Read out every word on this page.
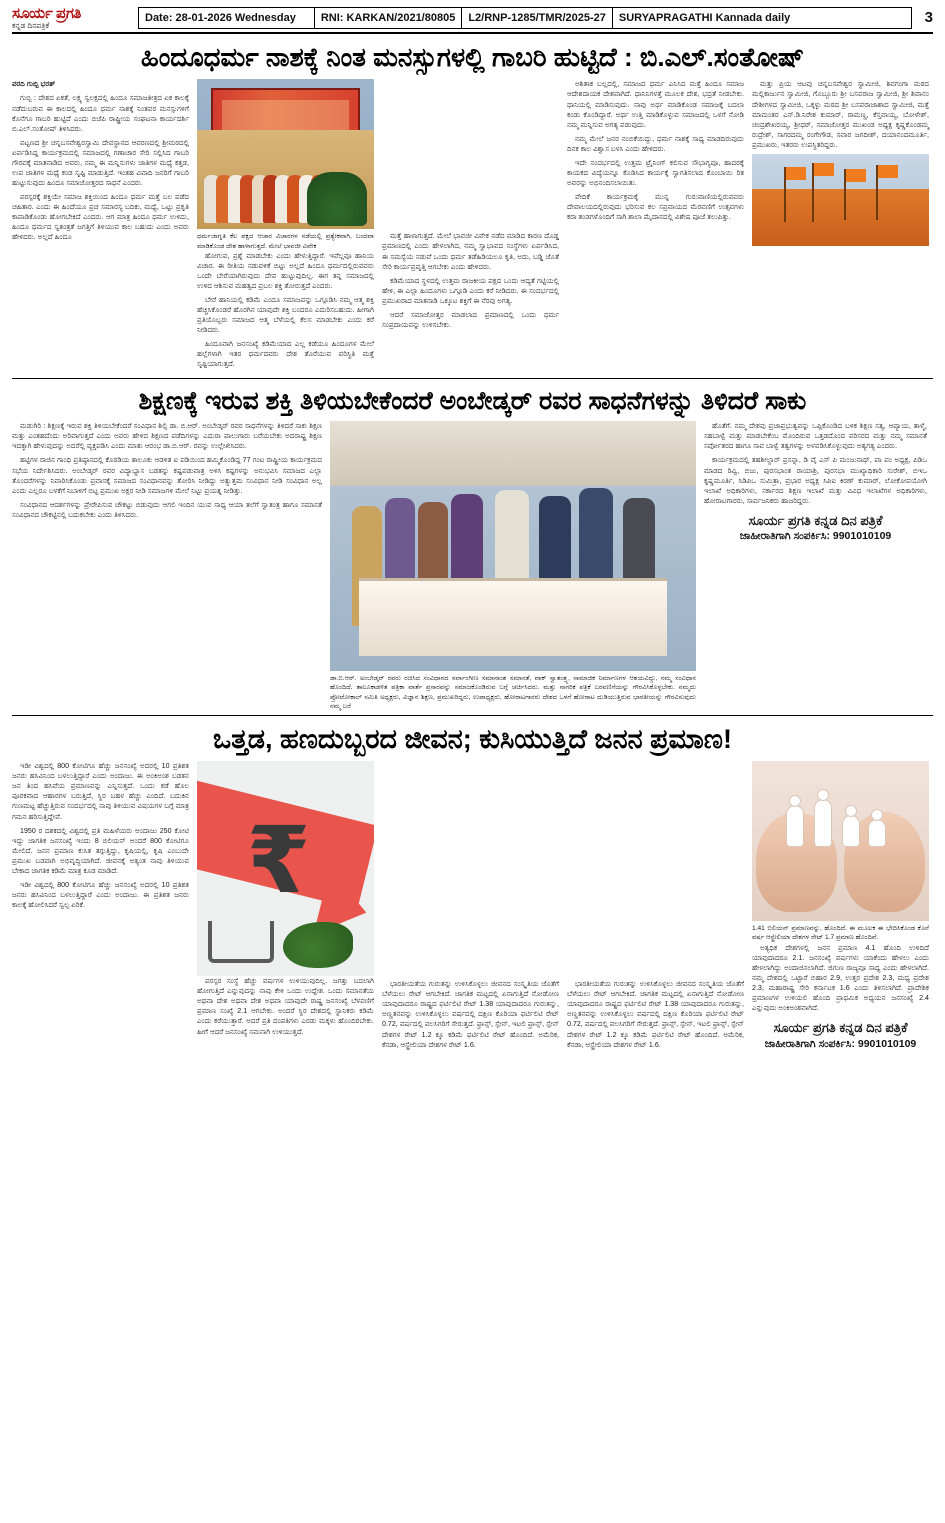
ಸೂರ್ಯ ಪ್ರಗತಿ
ಕನ್ನಡ ದಿನಪತ್ರಿಕೆ
Date: 28-01-2026 Wednesday	RNI: KARKAN/2021/80805	L2/RNP-1285/TMR/2025-27	SURYAPRAGATHI Kannada daily	3
ಹಿಂದೂಧರ್ಮ ನಾಶಕ್ಕೆ ನಿಂತ ಮನಸ್ಸುಗಳಲ್ಲಿ ಗಾಬರಿ ಹುಟ್ಟಿದೆ : ಬಿ.ಎಲ್.ಸಂತೋಷ್

ವರದಿ ಗುಬ್ಬಿ ಭರತ್

ಗುಬ್ಬಿ : ದೇಶದ ಏಕತೆ, ಲಕ್ಷ್ಯ ಸ್ವಲಕ್ಷದಲ್ಲಿ ಹಿಂದೂ ಸಮಾಜತೀತ್ರದ ಏಕ ಕಾಲಕ್ಕೆ ನಡೆದುಬರುವ ಈ ಕಾಲದಲ್ಲಿ ಹಿಂದೂ ಧರ್ಮ ನಾಶಕ್ಕೆ ನಿಂತವರ ಮನಸ್ಸುಗಳಿಗೆ ಕೊನೆಗೂ ಗಾಬರಿ ಹುಟ್ಟಿದೆ ಎಂದು ಬಿಜೆಪಿ ರಾಷ್ಟ್ರೀಯ ಸಂಘಟನಾ ಕಾರ್ಯದರ್ಶಿ ಬಿ.ಎಲ್.ಸಂತೋಷ್ ತಿಳಿಸಿದರು.

ಪಟ್ಟಣದ ಶ್ರೀ ಚನ್ನಬಸವೇಶ್ವರಸ್ವಾಮಿ ದೇವಸ್ಥಾನದ ಆವರಣದಲ್ಲಿ ಶ್ರೀಮಠದಲ್ಲಿ ಏರ್ಪಡಿಸಿದ್ದ ಕಾರ್ಯಕ್ರಮದಲ್ಲಿ ಸಮಾಜದಲ್ಲಿ ಗಣಾಚಾರ ಸೇರಿ ಸಲ್ಲಿಸಿದ ಗಾಬರಿ ಗೌರವಕ್ಕೆ ಮಾತನಾಡಿದ ಅವರು, ನಮ್ಮ ಈ ಮನ್ನಿಸುಗಳು ಜಾತಿಗಳ ಮಧ್ಯೆ ಕತ್ತಡ, ಉಪ ಜಾತಿಗಳ ಮಧ್ಯೆ ಕಂಡ ಸೃಷ್ಟಿ ಮಾಡುತ್ತಿದೆ. ಇಂತಹ ವಿವಾದಿ ಜನರಿಗೆ ಗಾಬರಿ ಹುಟ್ಟುಸುವುದು ಹಿಂದೂ ಸಮಾಜೋತ್ತರದ ಸಾಧನೆ ಎಂದರು.

ಪರಸ್ಪರಕ್ಕೆ ಶಕ್ತಿಯೇ ಸಮಾಜ ಶಕ್ತಿಯಿಂದ ಹಿಂದೂ ಧರ್ಮ ಮತ್ತೆ ಬಲ ಪಡೆದ ಚಹಿತಾರ. ಎಂದು ಈ ಹಿಂದೆಯೂ ಪ್ರಚ ಸಮಾರಸ್ಯ ಬದಿಕು, ಮಧ್ಯೆ, ಒಟ್ಟು ಪ್ರಕೃತಿ ಕಾಪಾಡಿಕೊಂಡು ಹೋಗಬೇಕಿದೆ ಎಂದರು. ಆಗ ಮಾತ್ರ ಹಿಂದೂ ಧರ್ಮ ಉಳಿದು, ಹಿಂದೂ ಧರ್ಮದ ಸ್ವತಂತ್ರತೆ ಜಗತ್ತಿಗೆ ತಿಳಿಯುವ ಕಾಲ ಬಹುದು ಎಂದು ಅವರು ಹೇಳಿದರು. ಅಲ್ಲದೆ ಹಿಂದೂ	ಧರ್ಮಜಾಗೃತಿ ಕೆಲ ಪಕ್ಷದ ಆಚಾರ ವಿಚಾರಗಳ ನಡೆಯಲ್ಲಿ ಪ್ರತ್ಯೇಕವಾಗಿ, ಬಂದವಾ ಮಾಡಿಕೊಂಡ ದೇಶ ಹಾಳಾಗುತ್ತದೆ. ಮೇಲೆ ಭಾವಜೀ ವಿವೇಕ

ಹೋಗುವ, ಪ್ರಶ್ನೆ ಮಾಡಬೇಕು ಎಂದು ಹೇಳುತ್ತಿದ್ದಾರೆ. ಇವೆಲ್ಲವೂ ಹಾನಿಯ ವಿಚಾರ. ಈ ರೀತಿಯ ನಡುವಳಿಕೆ ಬಿಟ್ಟು ಅಲ್ಲದೆ ಹಿಂದೂ ಧರ್ಮದಲ್ಲಿರುವವರು ಒಂದೇ ಬೇರೆಯಾಗಿರುವುದು ದೇವ ಹುಟ್ಟುವುದಿಲ್ಲ. ಈಗ ತನ್ನ ಸಮಾಜದಲ್ಲಿ ಉಳಿದ ಆಶಿಸುವ ಮಹತ್ವದ ಪ್ರಬಲ ಶಕ್ತಿ ತೋರುತ್ತದೆ ಎಂದರು.

ಬೇರೆ ಹಾನಿಯಲ್ಲಿ ಕಡಿಮೆ ಎಂದೂ ಸಮಾಜವನ್ನು ಒಗ್ಗೂಡಿಸಿ ನಮ್ಮ ಆತ್ಮ ಶಕ್ತಿ ಹೆಚ್ಚಿಸಿಕೊಂಡರೆ ಹೊರಗಿನ ಯಾವುದೇ ಶಕ್ತಿ ಬಂದರೂ ಎದುರಿಸಬಹುದು. ಹೀಗಾಗಿ ಪ್ರತಿಯೊಬ್ಬರು ಸಮಾಜದ ಆತ್ಮ ಬೆಳೆಯಲ್ಲಿ ಕೆಲಸ ಮಾಡಬೇಕು ಎಂದು ಕರೆ ನೀಡಿದರು.

ಹಿಂದೂವಾಗಿ ಜನಸಂಖ್ಯೆ ಕಡಿಮೆಯಾದ ಎಲ್ಲ ಕಡೆಯೂ ಹಿಂದೂಗಳ ಮೇಲೆ ಹಲ್ಲೆಗಳಾಗಿ ಇತರ ಧರ್ಮದವರು ದೇಶ ತೊರೆಯುವ ಪರಿಸ್ಥಿತಿ ಮತ್ತೆ ಸೃಷ್ಟಿಯಾಗುತ್ತದೆ.

ಮತ್ತೆ ಹಾಳಾಗುತ್ತದೆ. ಮೇಲೆ ಭಾವಜೀ ವಿವೇಕ ನಡೆದ ಮಾಡಿದ ಕಾರಣ ದೊಡ್ಡ ಪ್ರಮಾಣದಲ್ಲಿ ಎಂದು ಹೇಳಲಾಗಿದ, ನಮ್ಮ ಸ್ವಾಭಾವದ ಸಂಸ್ಥೆಗಳು ಏರ್ಪಡಿಸಿದ, ಈ ಸಮಸ್ಯೆಯ ನಡುವೆ ಒಂದು ಧರ್ಮ ತಡೆಹಿಡಿಯಲೂ ಕೃತಿ, ಅದು, ಬಡ್ಡಿ ಜೊತೆ ಸೇರಿ ಕಾರ್ಯಪ್ರವೃತ್ತಿ ಆಗಬೇಕು ಎಂದು ಹೇಳಿದರು.

ಕಡಿಮೆಯಾದ ಸ್ಥಳದಲ್ಲಿ ಉತ್ತಮ ರಾಜಕೀಯ ಪಕ್ಷದ ಒಂದು ಆದ್ಯತೆ ಗಟ್ಟಿಯಲ್ಲಿ ಹೇಳಿ, ಈ ಎಲ್ಲಾ ಹಿಂದೂಗಳು ಒಗ್ಗೂಡಿ ಎಂದು ಕರೆ ನೀಡಿದರು. ಈ ಸಂದರ್ಭದಲ್ಲಿ ಪ್ರಮುಖರಾದ ಮಾತನಾಡಿ ಒಕ್ಕೂಟ ಶಕ್ತಿಗೆ ಈ ನೆರವು ಅಗತ್ಯ.

ಆದರೆ ಸಮಾಜೋತ್ತರ ಮಾಡಲಾದ ಪ್ರಮಾಣದಲ್ಲಿ ಒಂದು ಧರ್ಮ ಸಂಪ್ರದಾಯವನ್ನು ಉಳಿಸಬೇಕು.

ಅಶಿತಾಕ ಬಲ್ಲದಲ್ಲಿ, ಸಮಾಜದ ಧರ್ಮ ಎನಿಸಿದ ಮತ್ತೆ ಹಿಂದೂ ಸಮಾಜ ಆದೇಶದಾಯಕ ದೇಶವಾಗಿದೆ. ಧಾನಿನಿಗಳತ್ತೆ ಮೂಲಕ ದೇಶ, ಭದ್ರತೆ ನೀಡಬೇಕು. ಧಾನಿಯಲ್ಲಿ ಮಾಡಿಸುವುದು. ನಾವು ಅರ್ಥ ಮಾಡಿಕೊಂಡ ಸಮಾಜಕ್ಕೆ ಬದಲಾ ಕಂಡು ಕೊಂಡಿದ್ದಾರೆ. ಅರ್ಥ ಉತ್ತಿ ಮಾಡಿಕೊಳ್ಳುವ ಸಮಾಜದಲ್ಲಿ ಒಳಗೆ ನೋಡಿ ನಮ್ಮ ಮನ್ನಿಸುವ ಅಗತ್ಯ ಪಡುವುದು.

ನಮ್ಮ ಮೇಲೆ ಜನರ ನಂಬಿಕೆಯಿದ್ದು, ಧರ್ಮ ನಾಶಕ್ಕೆ ಸಾಧ್ಯ ಮಾಡದಿರುವುದು ದಿನಕ ಕಾಲ ವಿಶ್ವಾಸ ಬಳಸಿ ಎಂದು ಹೇಳಿದರು.

ಇದೇ ಸಂದರ್ಭದಲ್ಲಿ ಉತ್ತಮ ಟ್ರೈನಿಂಗ್ ಕಲಿಸುವ ಸೌಭಾಗ್ಯವೂ, ಹಾದರಕ್ಕೆ ಕಾಯಕದ ವಿದ್ಯೆಯನ್ನೂ ಕೊಡಿಸಿದ ಕಾರ್ಯಕ್ಕೆ ಸ್ವಾಗತಿಸಲಾದ ಕೊಂಬಾಯಿ ರಿತ ಅವರನ್ನು ಅಭಿನಂದಿಸಲಾಯಿತು.

ವೇದಿಕೆ ಕಾರ್ಯಕ್ರಮಕ್ಕೆ ಮುನ್ನ ಗುರುವಾಣಿಯಲ್ಲಿರುವವರು ದೇವಾಲಯದಲ್ಲಿರುವುದು ಭರಿಸುವ ಕಲ ಸಪ್ರವಾಯದ ಮೆರವಣಿಗೆ ಉತ್ಸವಗಳು ಕರಾ ತಂಡಗಳೊಂದಿಗೆ ಸಾಗಿ ಶಾಲಾ ಮೈದಾನದಲ್ಲಿ ವಿಶೇಷ ಪೂಜೆ ತಲುಪಿತ್ತು.

ಮತ್ತು ಪ್ರಿಯ ಆಟವು ಚನ್ನಬಸವೇಶ್ವರ ಸ್ವಾಮೀಜಿ, ಶಿವಗಂಗಾ ಮಠದ ಮಲ್ಲಿಕಾರ್ಜುನ ಸ್ವಾಮೀಜಿ, ಗೊಬ್ಬೂರು ಶ್ರೀ ಬಸವರಾಜ ಸ್ವಾಮೀಜಿ, ಶ್ರೀ ಶಿವಾನಂ ದೇಶೀಗಳದ ಸ್ವಾಮೀಜಿ, ಒಕ್ಕಳ್ಳು ಮಠದ ಶ್ರೀ ಬಸವರಾಜಾಶಾದ ಸ್ವಾಮೀಜಿ, ಮತ್ತೆ ಮಾಮಂತರ ಎಸ್.ಡಿ.ನಿರೇಶ ಕುಮಾರ್, ರಾಮಣ್ಣ, ಕೆಸ್ತವಾಯ್ಯ, ಬೋಳೇಶ್, ಚಂದ್ರಶೇಖರಯ್ಯ, ಶ್ರೀಧರ್, ಸಮಾಜೋತ್ತರ ಮುಖಂಡ ಅಧ್ಯಕ್ಷ ಕೃಷ್ಣಕೊಂಡಮ್ಮ ರುದ್ರೇಶ್, ಸಾಗರದಮ್ಮ ರಂಗೇಗೌಡ, ಸವಾರ ಜಗದೀಶ್, ದಯಾನಂದಮೂರ್ತಿ, ಪ್ರಮುಖರು, ಇತರರು ಉಪಸ್ಥಿತರಿದ್ದರು.

ಶಿಕ್ಷಣಕ್ಕೆ ಇರುವ ಶಕ್ತಿ ತಿಳಿಯಬೇಕೆಂದರೆ ಅಂಬೇಡ್ಕರ್ ರವರ ಸಾಧನೆಗಳನ್ನು ತಿಳಿದರೆ ಸಾಕು

ಮಡುಗಿರಿ : ಶಿಕ್ಷಣಕ್ಕೆ ಇರುವ ಶಕ್ತಿ ತಿಳಿಯಬೇಕೆಂದರೆ ಸಂವಿಧಾನ ಶಿಲ್ಪಿ ಡಾ. ಬಿ.ಆರ್. ಅಂಬೇಡ್ಕರ್ ರವರ ಸಾಧನೆಗಳನ್ನು ತಿಳಿದರೆ ಸಾಕು ಶಿಕ್ಷಣ ಮತ್ತು ಎಂತಹದೆಂದು ಅರಿವಾಗುತ್ತದೆ ಎಂದು ಅವರು ಹೇಳಿದ ಶಿಕ್ಷಣದ ಪಡೆದಿಗಳನ್ನು ಎದುರಾ ಪಾಲುಗಾರು ಬರೆಯಬೇಕು ಅದರಾಷ್ಟ್ರ ಶಿಕ್ಷಣ ಇದಕ್ಕಾಗಿ ಹೇಳುವುದನ್ನು ಅದರೆಲ್ಲಿ ವ್ಯಕ್ತಪಡಿಸಿ ಎಂದು ಮಾತು ಆರಂಭ ಡಾ.ಬಿ.ಆರ್. ರವನ್ನು ಉಲ್ಲೇಖಿಸಿದರು.

ಹಟ್ಟಿಗಳ ರಾಜಿನ ಗಾಂಧಿ ಪ್ರತಿಷ್ಠಾನದಲ್ಲಿ ಕೊಠಡಿಯ ತಾಲೂಕು ಆಡಳಿತ ಐ ಪಡಿಯಿಂದ ಹಮ್ಮಿಕೊಂಡಿದ್ದ 77 ಗಂಟ ರಾಷ್ಟ್ರೀಯ ಕಾರ್ಯಕ್ರಮದ ಸಭೆಯ ನಿರ್ದೇಶಿಸಿದರು. ಅಂಬೇಡ್ಕರ್ ರವರ ವಿದ್ಯಾಭ್ಯಾಸ ಬಡತನ್ನು ಕಷ್ಟಪಡುವಾತ್ರ ಅಳಿಸಿ ಕಷ್ಟಗಳನ್ನು ಅನುಭವಿಸಿ ಸಮಾಜದ ಎಲ್ಲಾ ತೊಂದರೆಗಳನ್ನು ನಿವಾರಿಸಿಕೊಂಡು ಪ್ರವಾಸಕ್ಕೆ ಸಮಾಜದ ಸಂವಿಧಾನವನ್ನು ತೋರಿಸಿ ನೀಡಿದ್ದು ಅತ್ಯುತ್ತಮ ಸಂವಿಧಾನ ನೀಡಿ ಸಂವಿಧಾನ ಅಲ್ಲ ಎಂದು ಎಲ್ಲರೂ ಬಳಕೆಗೆ ನಿಬಾಳಿಗೆ ಬಿಟ್ಟ ಪ್ರಮುಖ ಅಕ್ಷರ ನೀಡಿ ಸಮಾಜಗಳಿ ಮೇಲೆ ನಿಟ್ಟು ಪ್ರಯತ್ನ ನೀಡಿತ್ತು.

ಸಂವಿಧಾನದ ಆದರ್ಶಗಳನ್ನು ಪ್ರೇರೇಪಿಸುವ ಚೌಕಟ್ಟು ಬಿಡುವುದು ಆಗಲಿ ಇಂದಿನ ಯುವ ಸಾಧ್ಯ ಆಯಾ ತಲೆಗೆ ಸ್ವಾತಂತ್ರ ಹಾಗೂ ಸಮಾನತೆ ಸಂವಿಧಾನದ ಚೌಕಟ್ಟಿನಲ್ಲಿ ಬದುಕಬೇಕು ಎಂದು ತಿಳಿಸಿದರು.

ಡಾ.ಬಿ.ಆರ್. ಅಂಬೇಡ್ಕರ್ ರವರು ರಚಿಸಿದ ಸಂವಿಧಾನದ ಸರ್ವಾಂಗೀಣ ಸಮಾನಾಂಶ ಸಮಾನತೆ, ವಾಕ್ ಸ್ವಾತಂತ್ರ್ಯ, ಸಾಮಾಜಿಕ ನಿರ್ಮಾಣಗಳ ಆಶಯವಿದ್ದು, ನಮ್ಮ ಸಂವಿಧಾನ ಹೊಂದಿದೆ. ತಾಲೂಕಾಡಳಿತ ಪತ್ರಿಕಾ ವಾರ್ತೆ ಪ್ರಸಾರವನ್ನು ಸಮಾಜಕೊಂಡಿರುವ ಬಗ್ಗೆ ಚರ್ಚಿಸಿದರು. ಮತ್ತು ನಾಗರಿಕ ಪತ್ರಿಕೆ ಬರವಣಿಗೆಯನ್ನು ಗೌರವಿಸಿಕೊಳ್ಳಬೇಕು. ನಮ್ಮದು ಪ್ರೋಟೋಕಾಲ್ ಸಮಿತಿ ಅಧ್ಯಕ್ಷರು, ವಿಜ್ಞಾನ ಶಿಕ್ಷಣ, ಪ್ರಮುಖರಿದ್ದರು, ಉಪಾಧ್ಯಕ್ಷರು, ಹೋರಾಟಗಾರರು ದೇಶದ ಒಳಗೆ ಹೋರಾಟ ದುಡಿಯುತ್ತಿರುವ ಭಾರತೀಯನ್ನು ಗೌರವಿಸುವುದು ನಮ್ಮ ಬರೆ

ಹೊತೆಗೆ. ನಮ್ಮ ದೇಶವು ಪ್ರಜಾಪ್ರಭುತ್ವವನ್ನು ಒಪ್ಪಿಕೊಂಡಿದ ಬಳಿಕ ಶಿಕ್ಷಣ ಸತ್ಯ, ಆಪ್ಯಾಯ, ತಾಳ್ಮೆ, ಸಹಬಾಳ್ವೆ ಮತ್ತು ಮಾಡಬೇಕೆಂಬ ಮೊಂದಿರುವ ಒತ್ತಡದೊಂದ ಪರಿಸರದ ಮತ್ತು ನಮ್ಮ ಸಮಾನತೆ ಸರ್ವೋತರದ ಹಾಗೂ ಸಾವ ಬಾಳ್ವೆ ತತ್ವಗಳನ್ನು ಅಳವಡಿಸಿಕೊಳ್ಳುವುದು ಅತ್ಯಗತ್ಯ ಎಂದರು.

ಕಾರ್ಯಕ್ರಮದಲ್ಲಿ ತಹಶೀಲ್ದಾರ್ ಪ್ರಸನ್ನಾ, ಡಿ ವೈ ಎಸ್ ಪಿ ಮಂಜುನಾಥ್, ಪಾ ಪಂ ಅಧ್ಯಕ್ಷ, ಪಿಡಿಒ ಮಾಡದ ರಿವ್ವಿ, ಬಿಜು, ಪುರಸಭಾಂತ ರಾಯಾಶ್ರಿ, ಪುರಸಭಾ ಮುಖ್ಯಾಧಿಕಾರಿ ಸುರೇಶ್, ಬಿಇಒ ಕೃಷ್ಣಮೂರ್ತಿ, ಸಿಡಿಪಿಒ ಸುಮಿತ್ರಾ, ಪ್ರಭಾರ ಅಧ್ಯಕ್ಷ ಸಿಪಿಐ ಕಿರಣ್ ಕುಮಾರ್, ಲೋಕೋಪಯೋಗಿ ಇಲಾಖೆ ಅಧಿಕಾರಿಗಳು, ಸರ್ಕಾರದ ಶಿಕ್ಷಣ ಇಲಾಖೆ ಮತ್ತು ವಿವಿಧ ಇಲಾಖೆಗಳ ಅಧಿಕಾರಿಗಳು, ಹೋರಾಟಗಾರರು, ಸಾರ್ವಜನಿಕರು ಹಾಜರಿದ್ದರು.

ಸೂರ್ಯ ಪ್ರಗತಿ ಕನ್ನಡ ದಿನ ಪತ್ರಿಕೆ
ಜಾಹೀರಾತಿಗಾಗಿ ಸಂಪರ್ಕಿಸಿ: 9901010109
ಒತ್ತಡ, ಹಣದುಬ್ಬರದ ಜೀವನ; ಕುಸಿಯುತ್ತಿದೆ ಜನನ ಪ್ರಮಾಣ!

ಇಡೀ ವಿಶ್ವದಲ್ಲಿ 800 ಕೋಟಿಗೂ ಹೆಚ್ಚು ಜನಸಂಖ್ಯೆ ಅದರಲ್ಲಿ 10 ಪ್ರತಿಶತ ಜನರು ಹಸಿವಿನಿಂದ ಬಳಲುತ್ತಿದ್ದಾರೆ ಎಂದು ಅಂದಾಜು. ಈ ಅಂಕಿಅಂಶ ಬಡತನ ಜನ ತಿಂದ ಹಸಿವೆಯ ಪ್ರಮಾಣವನ್ನು ಎನ್ನಿಸುತ್ತದೆ. ಒಂದು ಕಡೆ ಹೊಲ ಪೂರಕವಾದ ಆಹಾರಗಳ ಬರುತ್ತಿದೆ, ಸ್ಥಿರ ಬಹಳ ಹೆಚ್ಚು ಎಂದಿದೆ. ಬದುಕಿನ ಗುಣಮಟ್ಟ ಹೆಚ್ಚುತ್ತಿರುವ ಸಂದರ್ಭದಲ್ಲಿ ನಾವು ತಿಳಿಯುವ ವಿಷಯಗಳ ಬಗ್ಗೆ ಮಾತ್ರ ಗಮನ ಹರಿಸುತ್ತಿದ್ದೇವೆ.

1950 ರ ದಶಕದಲ್ಲಿ ವಿಶ್ವದಲ್ಲಿ ಪ್ರತಿ ಮಹಿಳೆಯರು ಅಂದಾಜು 250 ಕೋಟಿ ಇದ್ದು ಜಾಗತಿಕ ಜನಸಂಖ್ಯೆ ಇಂದು 8 ಬಿಲಿಯನ್ ಅಂದರೆ 800 ಕೋಟಿಗೂ ಮೇಲಿದೆ. ಜನನ ಪ್ರಮಾಣ ಕುಸಿತ ತಗ್ಗುತ್ತಿದ್ದು, ಕೃಷಿಯಲ್ಲಿ, ಕೃಷಿ ಎಂಬುದೇ ಪ್ರಮುಖ ಬಡವಾಗಿ ಅಭಿವೃದ್ಧಿಯಾಗಿದೆ. ಜೀವನಕ್ಕೆ ಅತ್ಯಂತ ನಾವು ತಿಳಿಯುವ ಬೇಕಾದ ಜಾಗತಿಕ ಕಡಿಮೆ ಮಾತ್ರ ಕೂಡ ಮಾಡಿದೆ.

ಇಡೀ ವಿಶ್ವದಲ್ಲಿ 800 ಕೋಟಿಗೂ ಹೆಚ್ಚು ಜನಸಂಖ್ಯೆ ಅದರಲ್ಲಿ 10 ಪ್ರತಿಶತ ಜನರು ಹಸಿವಿನಿಂದ ಬಳಲುತ್ತಿದ್ದಾರೆ ಎಂದು ಅಂದಾಜು. ಈ ಪ್ರತಿಶತ ಜನರು ಕಾಲಕ್ಕೆ ಹೋಲಿಸಿದರೆ ಸ್ವಲ್ಪ ಏರಿಕೆ.	₹

ಪರಸ್ಪರ ಸಂಸ್ಥೆ ಹೆಚ್ಚು ವರ್ಷಗಳ ಉಳಿಯುವುದಿಲ್ಲ. ಜಗತ್ತು ಬದಲಾಗಿ ಹೋಗುತ್ತಿದೆ ಎನ್ನುವುದನ್ನು ನಾವು ಕೇಳಿ ಒಂದು ಉದ್ದೇಶ. ಒಂದು ಸಮಾನತೆಯ ಅಥವಾ ದೇಶ ಅಥವಾ ದೇಶ ಅಥವಾ ಯಾವುದೇ ರಾಷ್ಟ್ರ ಜನಸಂಖ್ಯೆ ಬೆಳವಣಿಗೆ ಪ್ರಮಾಣ ಸಂಖ್ಯೆ 2.1 ಆಗಬೇಕು. ಅಂದರೆ ಸ್ಥಿರ ದೇಶದಲ್ಲಿ ಸ್ಥಾನಿಕರು ಕಡಿಮೆ ಎಂದು ಕರೆಯುತ್ತಾರೆ. ಅದರೆ ಪ್ರತಿ ದಂಪತಿಗಳು ಎರಡು ಮಕ್ಕಳು ಹೊಂದಿರಬೇಕು. ಹೀಗೆ ಆದರೆ ಜನಸಂಖ್ಯೆ ಸಮನಾಗಿ ಉಳಿಯುತ್ತದೆ.

ಭಾರತೀಯತೆಯ ಗುರುತನ್ನು ಉಳಿಸಿಕೊಳ್ಳಲು ಜೀವನದ ಸಂಸ್ಕೃತಿಯ ಜೊತೆಗೆ ಬೆಳೆಯಲು ರೇಟ್ ಆಗಬೇಕಿದೆ. ಜಾಗತಿಕ ಮಟ್ಟದಲ್ಲಿ ಏನಾಗುತ್ತಿದೆ ನೋಡೋಣ ಯಾವುದಾದರೂ ರಾಷ್ಟ್ರದ ಫರ್ಟಿಲಿಟಿ ರೇಟ್ 1.38 ಯಾವುದಾದರೂ ಗುರುತನ್ನು, ಅಣ್ಣತನವನ್ನು ಉಳಿಸಿಕೊಳ್ಳಲು ವರ್ಷದಲ್ಲಿ ದಕ್ಷಿಣ ಕೊರಿಯಾ ಫರ್ಟಿಲಿಟಿ ರೇಟ್ 0.72, ವರ್ಷದಲ್ಲಿ ವಲಸಿಗರಿಗೆ ಸೇರುತ್ತದೆ. ಫ್ರಾನ್ಸ್, ಸ್ಪೇನ್, ಇಟಲಿ ಫ್ರಾನ್ಸ್, ಸ್ಪೇನ್ ದೇಶಗಳ ರೇಟ್ 1.2 ಕ್ಕೂ ಕಡಿಮೆ ಫರ್ಟಿಲಿಟಿ ರೇಟ್ ಹೊಂದಿದೆ. ಅಮೆರಿಕ, ಕೆನಡಾ, ಆಸ್ಟ್ರೇಲಿಯಾ ದೇಶಗಳ ರೇಟ್ 1.6.

ಭಾರತೀಯತೆಯ ಗುರುತನ್ನು ಉಳಿಸಿಕೊಳ್ಳಲು ಜೀವನದ ಸಂಸ್ಕೃತಿಯ ಜೊತೆಗೆ ಬೆಳೆಯಲು ರೇಟ್ ಆಗಬೇಕಿದೆ. ಜಾಗತಿಕ ಮಟ್ಟದಲ್ಲಿ ಏನಾಗುತ್ತಿದೆ ನೋಡೋಣ ಯಾವುದಾದರೂ ರಾಷ್ಟ್ರದ ಫರ್ಟಿಲಿಟಿ ರೇಟ್ 1.38 ಯಾವುದಾದರೂ ಗುರುತನ್ನು, ಅಣ್ಣತನವನ್ನು ಉಳಿಸಿಕೊಳ್ಳಲು ವರ್ಷದಲ್ಲಿ ದಕ್ಷಿಣ ಕೊರಿಯಾ ಫರ್ಟಿಲಿಟಿ ರೇಟ್ 0.72, ವರ್ಷದಲ್ಲಿ ವಲಸಿಗರಿಗೆ ಸೇರುತ್ತದೆ. ಫ್ರಾನ್ಸ್, ಸ್ಪೇನ್, ಇಟಲಿ ಫ್ರಾನ್ಸ್, ಸ್ಪೇನ್ ದೇಶಗಳ ರೇಟ್ 1.2 ಕ್ಕೂ ಕಡಿಮೆ ಫರ್ಟಿಲಿಟಿ ರೇಟ್ ಹೊಂದಿದೆ. ಅಮೆರಿಕ, ಕೆನಡಾ, ಆಸ್ಟ್ರೇಲಿಯಾ ದೇಶಗಳ ರೇಟ್ 1.6.

1.41 ಬಿಲಿಯನ್ ಪ್ರಮಾಣವನ್ನು, ಹೊಂದಿದೆ. ಈ ಮೂಲಕ ಈ ಭೇದಿಸಿಕೊಂಡ ಕೊನೆ ವರ್ಷ ಆಸ್ಟ್ರೇಲಿಯಾ ದೇಶಗಳ ರೇಟ್ 1.7 ಪ್ರಮಾಣ ಹೊಂದಿವೆ.

ಅತ್ಯಧಿಕ ದೇಶಗಳಲ್ಲಿ ಜನನ ಪ್ರಮಾಣ 4.1 ಹೊಂದಿ ಉಳಿದಿದೆ ಯಾವುದಾದರೂ 2.1. ಜನಸಂಖ್ಯೆ ವರ್ಷಗಳು ಯಾಕೆಂದು ಹೇಳಲು ಎಂದು ಹೇಳಲಾಗಿದ್ದು ಅಂದಾಜಿಸಲಾಗಿದೆ. ಜಿಗುಣ ರಾಜ್ಯವೂ ಸಾಧ್ಯ ಎಂದು ಹೇಳಲಾಗಿದೆ. ನಮ್ಮ ದೇಶದಲ್ಲಿ ಒಟ್ಟಾರೆ ಬಿಹಾರ 2.9, ಉತ್ತರ ಪ್ರದೇಶ 2.3, ಮಧ್ಯ ಪ್ರದೇಶ 2.3, ಮಹಾರಾಷ್ಟ್ರ ಸೇರಿ ಕರ್ನಾಟಕ 1.6 ಎಂದು ತಿಳಿಸಲಾಗಿದೆ. ಪ್ರಾದೇಶಿಕ ಪ್ರಮಾಣಗಳ ಉಳಿಯಲಿ ಹೊಂದಿ ಪ್ರಾಥಮಿಕ ಅಧ್ಯಯನ ಜನಸಂಖ್ಯೆ 2.4 ಎನ್ನುವುದು ಅಂಕಿಅಂಶವಾಗಿದೆ.

ಸೂರ್ಯ ಪ್ರಗತಿ ಕನ್ನಡ ದಿನ ಪತ್ರಿಕೆ
ಜಾಹೀರಾತಿಗಾಗಿ ಸಂಪರ್ಕಿಸಿ: 9901010109
